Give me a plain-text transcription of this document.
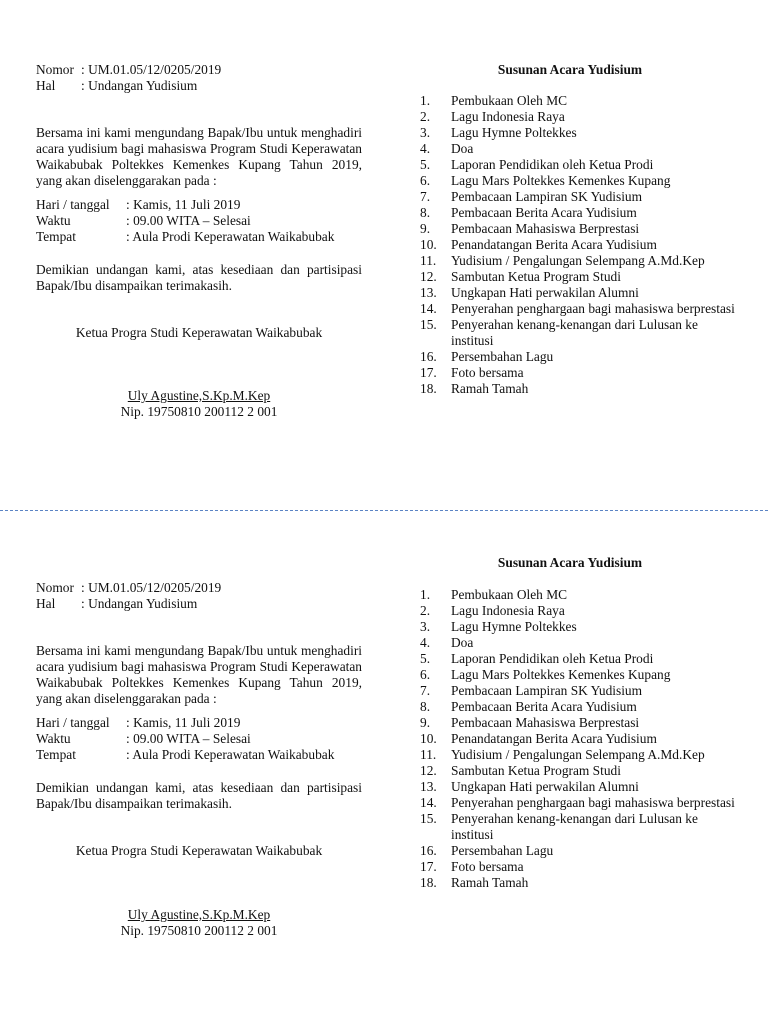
Nomor : UM.01.05/12/0205/2019
Hal	: Undangan Yudisium
Bersama ini kami mengundang Bapak/Ibu untuk menghadiri acara yudisium bagi mahasiswa Program Studi Keperawatan Waikabubak Poltekkes Kemenkes Kupang Tahun 2019, yang akan diselenggarakan pada :
Hari / tanggal	: Kamis, 11 Juli 2019
Waktu	: 09.00 WITA – Selesai
Tempat	: Aula Prodi Keperawatan Waikabubak
Demikian undangan kami, atas kesediaan dan partisipasi Bapak/Ibu disampaikan terimakasih.
Ketua Progra Studi Keperawatan Waikabubak
Uly Agustine,S.Kp.M.Kep
Nip. 19750810 200112 2 001
Susunan Acara Yudisium
1.	Pembukaan Oleh MC
2.	Lagu Indonesia Raya
3.	Lagu Hymne Poltekkes
4.	Doa
5.	Laporan Pendidikan oleh Ketua Prodi
6.	Lagu Mars Poltekkes Kemenkes Kupang
7.	Pembacaan Lampiran SK Yudisium
8.	Pembacaan Berita Acara Yudisium
9.	Pembacaan Mahasiswa Berprestasi
10.	Penandatangan Berita Acara Yudisium
11.	Yudisium / Pengalungan Selempang A.Md.Kep
12.	Sambutan Ketua Program Studi
13.	Ungkapan Hati perwakilan Alumni
14.	Penyerahan penghargaan bagi mahasiswa berprestasi
15.	Penyerahan kenang-kenangan dari Lulusan ke institusi
16.	Persembahan Lagu
17.	Foto bersama
18.	Ramah Tamah
Nomor : UM.01.05/12/0205/2019
Hal	: Undangan Yudisium
Bersama ini kami mengundang Bapak/Ibu untuk menghadiri acara yudisium bagi mahasiswa Program Studi Keperawatan Waikabubak Poltekkes Kemenkes Kupang Tahun 2019, yang akan diselenggarakan pada :
Hari / tanggal	: Kamis, 11 Juli 2019
Waktu	: 09.00 WITA – Selesai
Tempat	: Aula Prodi Keperawatan Waikabubak
Demikian undangan kami, atas kesediaan dan partisipasi Bapak/Ibu disampaikan terimakasih.
Ketua Progra Studi Keperawatan Waikabubak
Uly Agustine,S.Kp.M.Kep
Nip. 19750810 200112 2 001
Susunan Acara Yudisium
1.	Pembukaan Oleh MC
2.	Lagu Indonesia Raya
3.	Lagu Hymne Poltekkes
4.	Doa
5.	Laporan Pendidikan oleh Ketua Prodi
6.	Lagu Mars Poltekkes Kemenkes Kupang
7.	Pembacaan Lampiran SK Yudisium
8.	Pembacaan Berita Acara Yudisium
9.	Pembacaan Mahasiswa Berprestasi
10.	Penandatangan Berita Acara Yudisium
11.	Yudisium / Pengalungan Selempang A.Md.Kep
12.	Sambutan Ketua Program Studi
13.	Ungkapan Hati perwakilan Alumni
14.	Penyerahan penghargaan bagi mahasiswa berprestasi
15.	Penyerahan kenang-kenangan dari Lulusan ke institusi
16.	Persembahan Lagu
17.	Foto bersama
18.	Ramah Tamah
